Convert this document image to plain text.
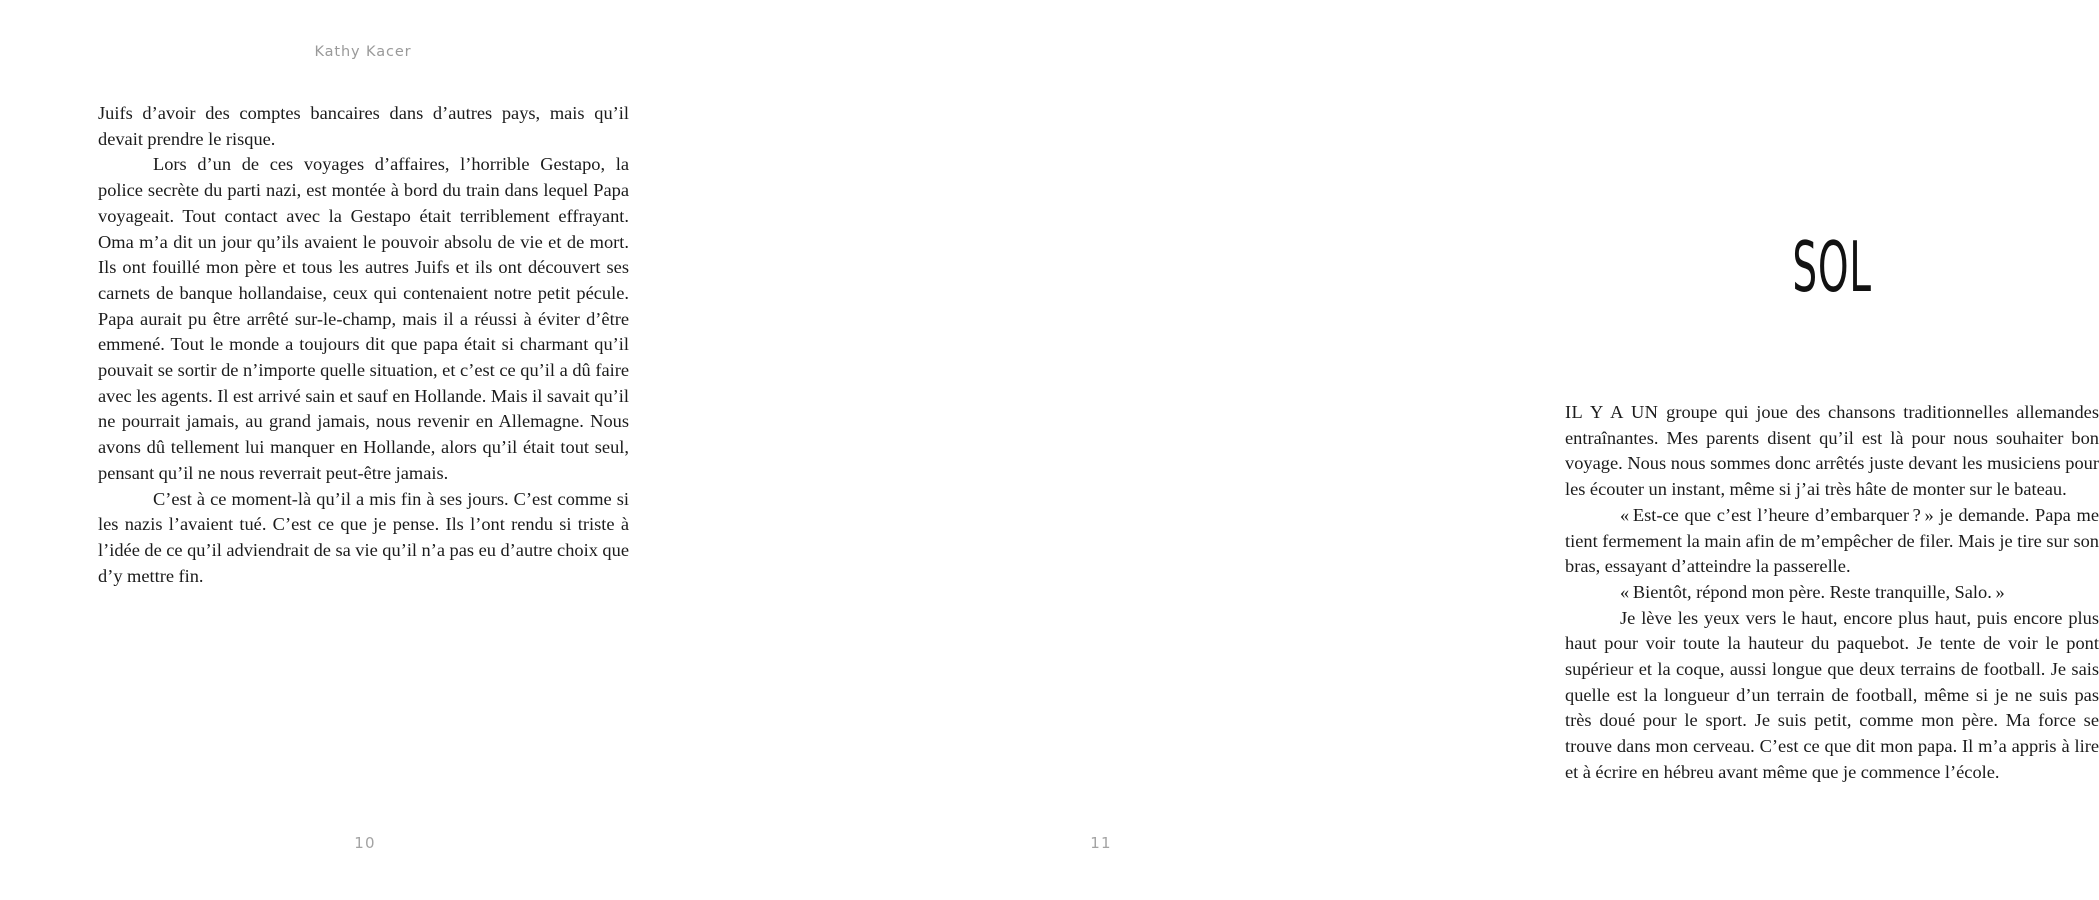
Kathy Kacer

Juifs d’avoir des comptes bancaires dans d’autres pays, mais qu’il devait prendre le risque.

Lors d’un de ces voyages d’affaires, l’horrible Gestapo, la police secrète du parti nazi, est montée à bord du train dans lequel Papa voyageait. Tout contact avec la Gestapo était terriblement effrayant. Oma m’a dit un jour qu’ils avaient le pouvoir absolu de vie et de mort. Ils ont fouillé mon père et tous les autres Juifs et ils ont découvert ses carnets de banque hollandaise, ceux qui contenaient notre petit pécule. Papa aurait pu être arrêté sur-le-champ, mais il a réussi à éviter d’être emmené. Tout le monde a toujours dit que papa était si charmant qu’il pouvait se sortir de n’importe quelle situation, et c’est ce qu’il a dû faire avec les agents. Il est arrivé sain et sauf en Hollande. Mais il savait qu’il ne pourrait jamais, au grand jamais, nous revenir en Allemagne. Nous avons dû tellement lui manquer en Hollande, alors qu’il était tout seul, pensant qu’il ne nous reverrait peut-être jamais.

C’est à ce moment-là qu’il a mis fin à ses jours. C’est comme si les nazis l’avaient tué. C’est ce que je pense. Ils l’ont rendu si triste à l’idée de ce qu’il adviendrait de sa vie qu’il n’a pas eu d’autre choix que d’y mettre fin.

10
SOL

IL Y A UN groupe qui joue des chansons traditionnelles allemandes entraînantes. Mes parents disent qu’il est là pour nous souhaiter bon voyage. Nous nous sommes donc arrêtés juste devant les musiciens pour les écouter un instant, même si j’ai très hâte de monter sur le bateau.

« Est-ce que c’est l’heure d’embarquer ? » je demande. Papa me tient fermement la main afin de m’empêcher de filer. Mais je tire sur son bras, essayant d’atteindre la passerelle.

« Bientôt, répond mon père. Reste tranquille, Salo. »

Je lève les yeux vers le haut, encore plus haut, puis encore plus haut pour voir toute la hauteur du paquebot. Je tente de voir le pont supérieur et la coque, aussi longue que deux terrains de football. Je sais quelle est la longueur d’un terrain de football, même si je ne suis pas très doué pour le sport. Je suis petit, comme mon père. Ma force se trouve dans mon cerveau. C’est ce que dit mon papa. Il m’a appris à lire et à écrire en hébreu avant même que je commence l’école.

11
